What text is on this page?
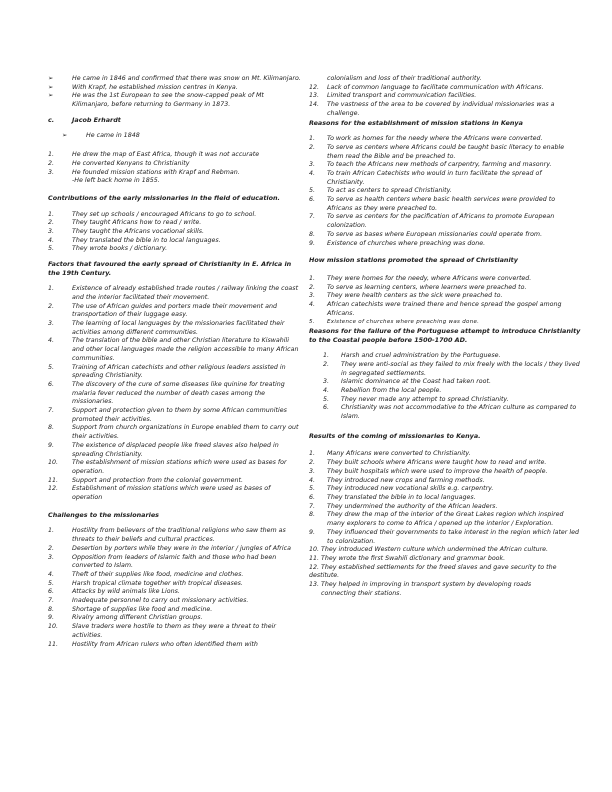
➢	He came in 1846 and confirmed that there was snow on Mt. Kilimanjaro.
➢	With Krapf, he established mission centres in Kenya.
➢	He was the 1st European to see the snow-capped peak of Mt Kilimanjaro, before returning to Germany in 1873.
c.	Jacob Erhardt
➢	He came in 1848
1.	He drew the map of East Africa, though it was not accurate
2.	He converted Kenyans to Christianity
3.	He founded mission stations with Krapf and Rebman.
-He left back home in 1855.
Contributions of the early missionaries in the field of education.
1.	They set up schools / encouraged Africans to go to school.
2.	They taught Africans how to read / write.
3.	They taught the Africans vocational skills.
4.	They translated the bible in to local languages.
5.	They wrote books / dictionary.
Factors that favoured the early spread of Christianity in E. Africa in the 19th Century.
1.	Existence of already established trade routes / railway linking the coast and the interior facilitated their movement.
2.	The use of African guides and porters made their movement and transportation of their luggage easy.
3.	The learning of local languages by the missionaries facilitated their activities among different communities.
4.	The translation of the bible and other Christian literature to Kiswahili and other local languages made the religion accessible to many African communities.
5.	Training of African catechists and other religious leaders assisted in spreading Christianity.
6.	The discovery of the cure of some diseases like quinine for treating malaria fever reduced the number of death cases among the missionaries.
7.	Support and protection given to them by some African communities promoted their activities.
8.	Support from church organizations in Europe enabled them to carry out their activities.
9.	The existence of displaced people like freed slaves also helped in spreading Christianity.
10.	The establishment of mission stations which were used as bases for operation.
11.	Support and protection from the colonial government.
12.	Establishment of mission stations which were used as bases of operation
Challenges to the missionaries
1.	Hostility from believers of the traditional religions who saw them as threats to their beliefs and cultural practices.
2.	Desertion by porters while they were in the interior / jungles of Africa
3.	Opposition from leaders of Islamic faith and those who had been converted to Islam.
4.	Theft of their supplies like food, medicine and clothes.
5.	Harsh tropical climate together with tropical diseases.
6.	Attacks by wild animals like Lions.
7.	Inadequate personnel to carry out missionary activities.
8.	Shortage of supplies like food and medicine.
9.	Rivalry among different Christian groups.
10.	Slave traders were hostile to them as they were a threat to their activities.
11.	Hostility from African rulers who often identified them with
colonialism and loss of their traditional authority.
12.	Lack of common language to facilitate communication with Africans.
13.	Limited transport and communication facilities.
14.	The vastness of the area to be covered by individual missionaries was a challenge.
Reasons for the establishment of mission stations in Kenya
1.	To work as homes for the needy where the Africans were converted.
2.	To serve as centers where Africans could be taught basic literacy to enable them read the Bible and be preached to.
3.	To teach the Africans new methods of carpentry, farming and masonry.
4.	To train African Catechists who would in turn facilitate the spread of Christianity.
5.	To act as centers to spread Christianity.
6.	To serve as health centers where basic health services were provided to Africans as they were preached to.
7.	To serve as centers for the pacification of Africans to promote European colonization.
8.	To serve as bases where European missionaries could operate from.
9.	Existence of churches where preaching was done.
How mission stations promoted the spread of Christianity
1.	They were homes for the needy, where Africans were converted.
2.	To serve as learning centers, where learners were preached to.
3.	They were health centers as the sick were preached to.
4.	African catechists were trained there and hence spread the gospel among Africans.
5.	Existence of churches where preaching was done.
Reasons for the failure of the Portuguese attempt to introduce Christianity to the Coastal people before 1500-1700 AD.
1.	Harsh and cruel administration by the Portuguese.
2.	They were anti-social as they failed to mix freely with the locals / they lived in segregated settlements.
3.	Islamic dominance at the Coast had taken root.
4.	Rebellion from the local people.
5.	They never made any attempt to spread Christianity.
6.	Christianity was not accommodative to the African culture as compared to Islam.
Results of the coming of missionaries to Kenya.
1.	Many Africans were converted to Christianity.
2.	They built schools where Africans were taught how to read and write.
3.	They built hospitals which were used to improve the health of people.
4.	They introduced new crops and farming methods.
5.	They introduced new vocational skills e.g. carpentry.
6.	They translated the bible in to local languages.
7.	They undermined the authority of the African leaders.
8.	They drew the map of the interior of the Great Lakes region which inspired many explorers to come to Africa / opened up the interior / Exploration.
9.	They influenced their governments to take interest in the region which later led to colonization.
10. They introduced Western culture which undermined the African culture.
11. They wrote the first Swahili dictionary and grammar book.
12. They established settlements for the freed slaves and gave security to the destitute.
13. They helped in improving in transport system by developing roads
connecting their stations.
